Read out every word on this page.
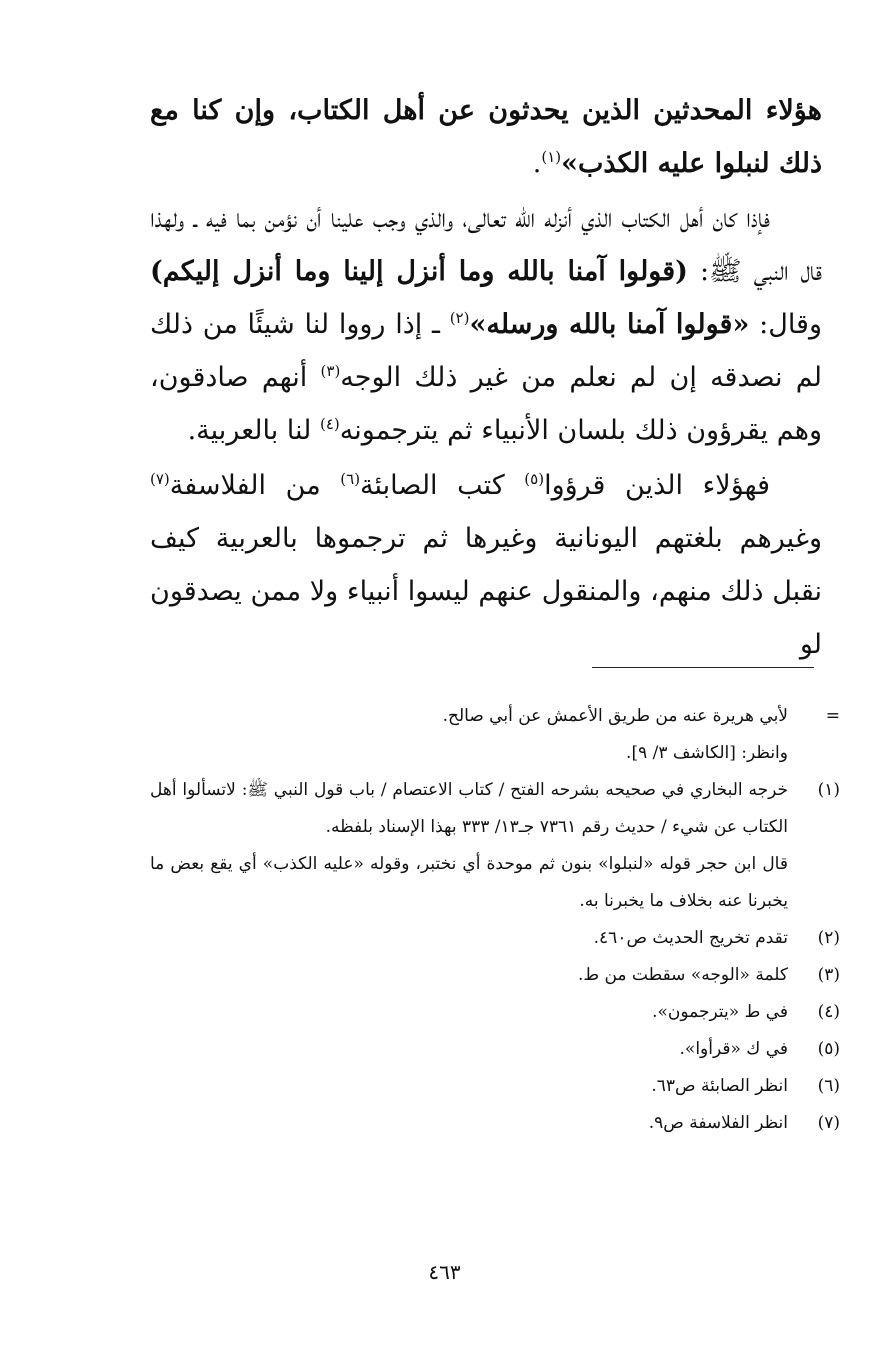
هؤلاء المحدثين الذين يحدثون عن أهل الكتاب، وإن كنا مع ذلك لنبلوا عليه الكذب»$^{(١)}$.

فإذا كان أهل الكتاب الذي أنزله الله تعالى، والذي وجب علينا أن نؤمن بما فيه ـ ولهذا قال النبي ﷺ: (قولوا آمنا بالله وما أنزل إلينا وما أنزل إليكم) وقال: «قولوا آمنا بالله ورسله»$^{(٢)}$ ـ إذا رووا لنا شيئًا من ذلك لم نصدقه إن لم نعلم من غير ذلك الوجه$^{(٣)}$ أنهم صادقون، وهم يقرؤون ذلك بلسان الأنبياء ثم يترجمونه$^{(٤)}$ لنا بالعربية.

فهؤلاء الذين قرؤوا$^{(٥)}$ كتب الصابئة$^{(٦)}$ من الفلاسفة$^{(٧)}$ وغيرهم بلغتهم اليونانية وغيرها ثم ترجموها بالعربية كيف نقبل ذلك منهم، والمنقول عنهم ليسوا أنبياء ولا ممن يصدقون لو

=

لأبي هريرة عنه من طريق الأعمش عن أبي صالح.

وانظر: [الكاشف ٣/ ٩].

(١)

خرجه البخاري في صحيحه بشرحه الفتح / كتاب الاعتصام / باب قول النبي ﷺ: لاتسألوا أهل الكتاب عن شيء / حديث رقم ٧٣٦١ جـ١٣/ ٣٣٣ بهذا الإسناد بلفظه.

قال ابن حجر قوله «لنبلوا» بنون ثم موحدة أي نختبر، وقوله «عليه الكذب» أي يقع بعض ما يخبرنا عنه بخلاف ما يخبرنا به.

(٢)

تقدم تخريج الحديث ص٤٦٠.

(٣)

كلمة «الوجه» سقطت من ط.

(٤)

في ط «يترجمون».

(٥)

في ك «قرأوا».

(٦)

انظر الصابئة ص٦٣.

(٧)

انظر الفلاسفة ص٩.

٤٦٣
